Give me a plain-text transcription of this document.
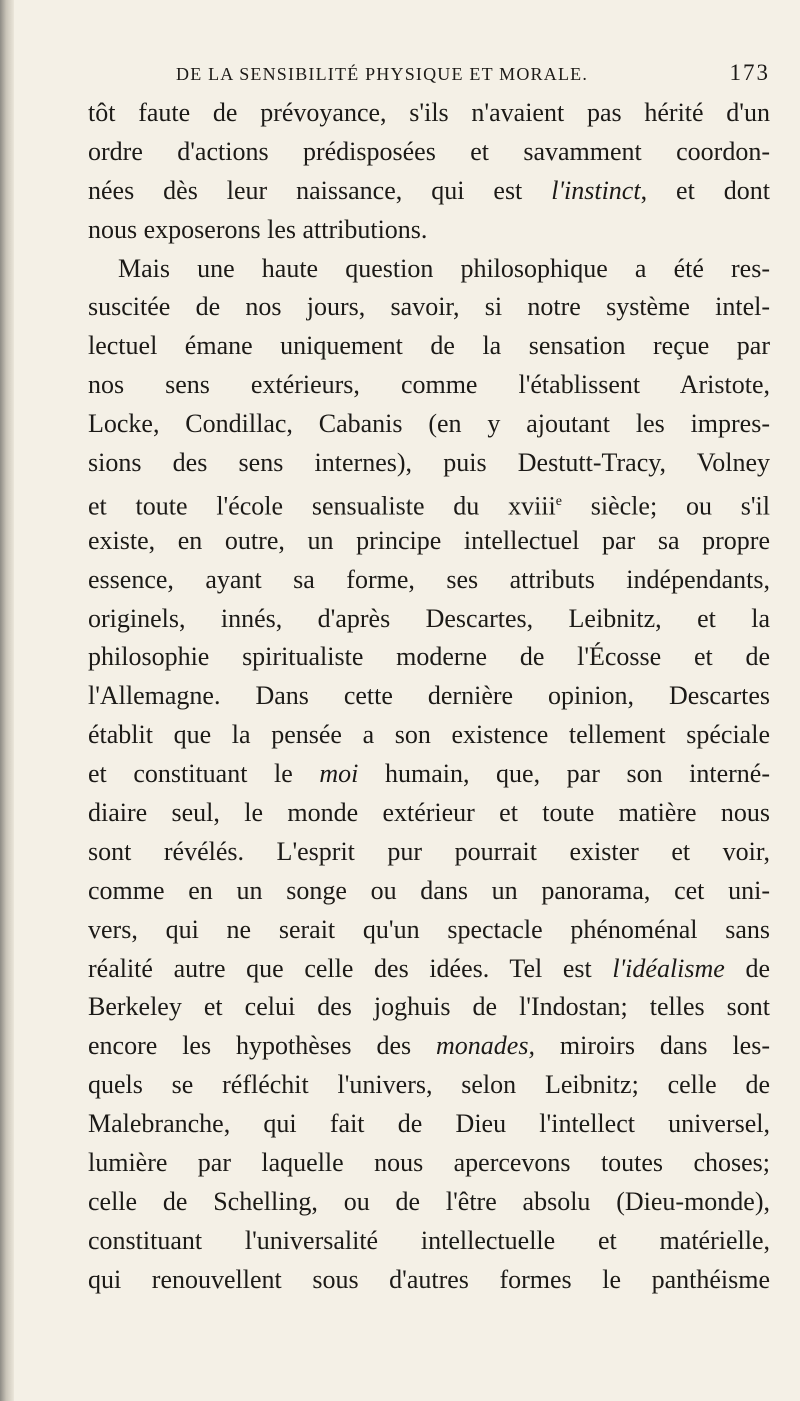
DE LA SENSIBILITÉ PHYSIQUE ET MORALE.	173
tôt faute de prévoyance, s'ils n'avaient pas hérité d'un
ordre d'actions prédisposées et savamment coordon-
nées dès leur naissance, qui est l'instinct, et dont
nous exposerons les attributions.
Mais une haute question philosophique a été res-
suscitée de nos jours, savoir, si notre système intel-
lectuel émane uniquement de la sensation reçue par
nos sens extérieurs, comme l'établissent Aristote,
Locke, Condillac, Cabanis (en y ajoutant les impres-
sions des sens internes), puis Destutt-Tracy, Volney
et toute l'école sensualiste du xviii$^e$ siècle; ou s'il
existe, en outre, un principe intellectuel par sa propre
essence, ayant sa forme, ses attributs indépendants,
originels, innés, d'après Descartes, Leibnitz, et la
philosophie spiritualiste moderne de l'Écosse et de
l'Allemagne. Dans cette dernière opinion, Descartes
établit que la pensée a son existence tellement spéciale
et constituant le moi humain, que, par son interné-
diaire seul, le monde extérieur et toute matière nous
sont révélés. L'esprit pur pourrait exister et voir,
comme en un songe ou dans un panorama, cet uni-
vers, qui ne serait qu'un spectacle phénoménal sans
réalité autre que celle des idées. Tel est l'idéalisme de
Berkeley et celui des joghuis de l'Indostan; telles sont
encore les hypothèses des monades, miroirs dans les-
quels se réfléchit l'univers, selon Leibnitz; celle de
Malebranche, qui fait de Dieu l'intellect universel,
lumière par laquelle nous apercevons toutes choses;
celle de Schelling, ou de l'être absolu (Dieu-monde),
constituant l'universalité intellectuelle et matérielle,
qui renouvellent sous d'autres formes le panthéisme
